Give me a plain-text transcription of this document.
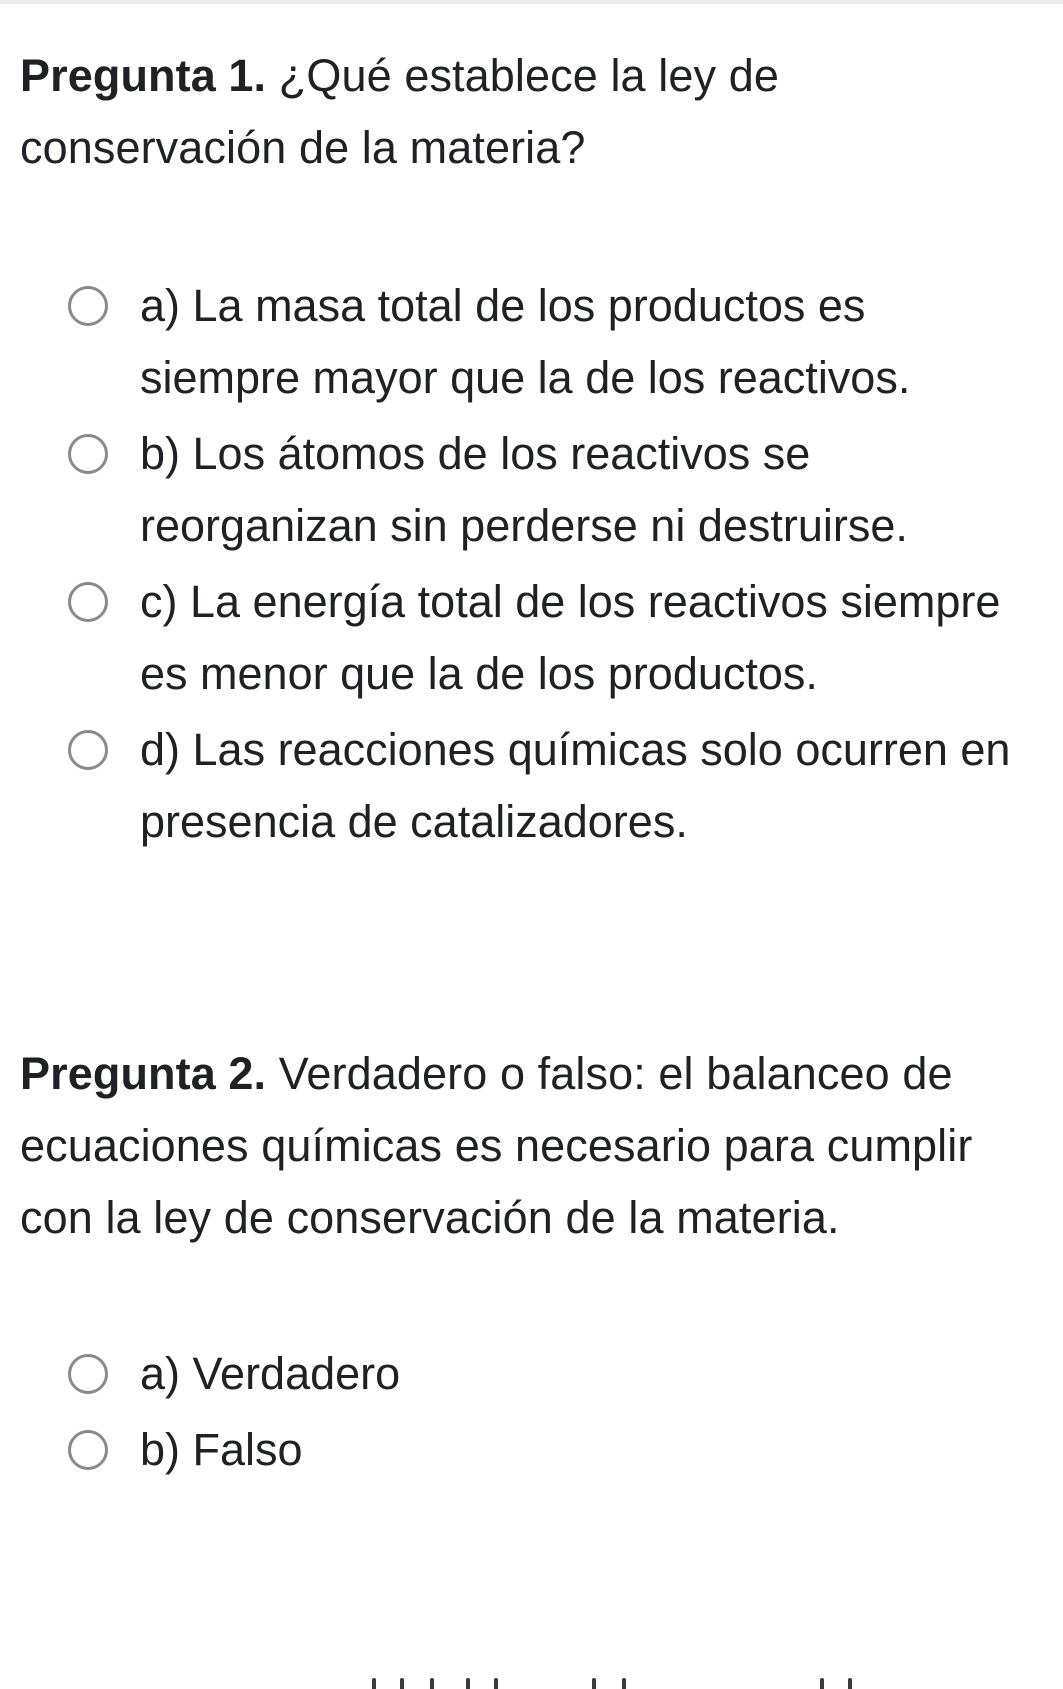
Pregunta 1. ¿Qué establece la ley de conservación de la materia?

a) La masa total de los productos es siempre mayor que la de los reactivos.
b) Los átomos de los reactivos se reorganizan sin perderse ni destruirse.
c) La energía total de los reactivos siempre es menor que la de los productos.
d) Las reacciones químicas solo ocurren en presencia de catalizadores.

Pregunta 2. Verdadero o falso: el balanceo de ecuaciones químicas es necesario para cumplir con la ley de conservación de la materia.

a) Verdadero
b) Falso
